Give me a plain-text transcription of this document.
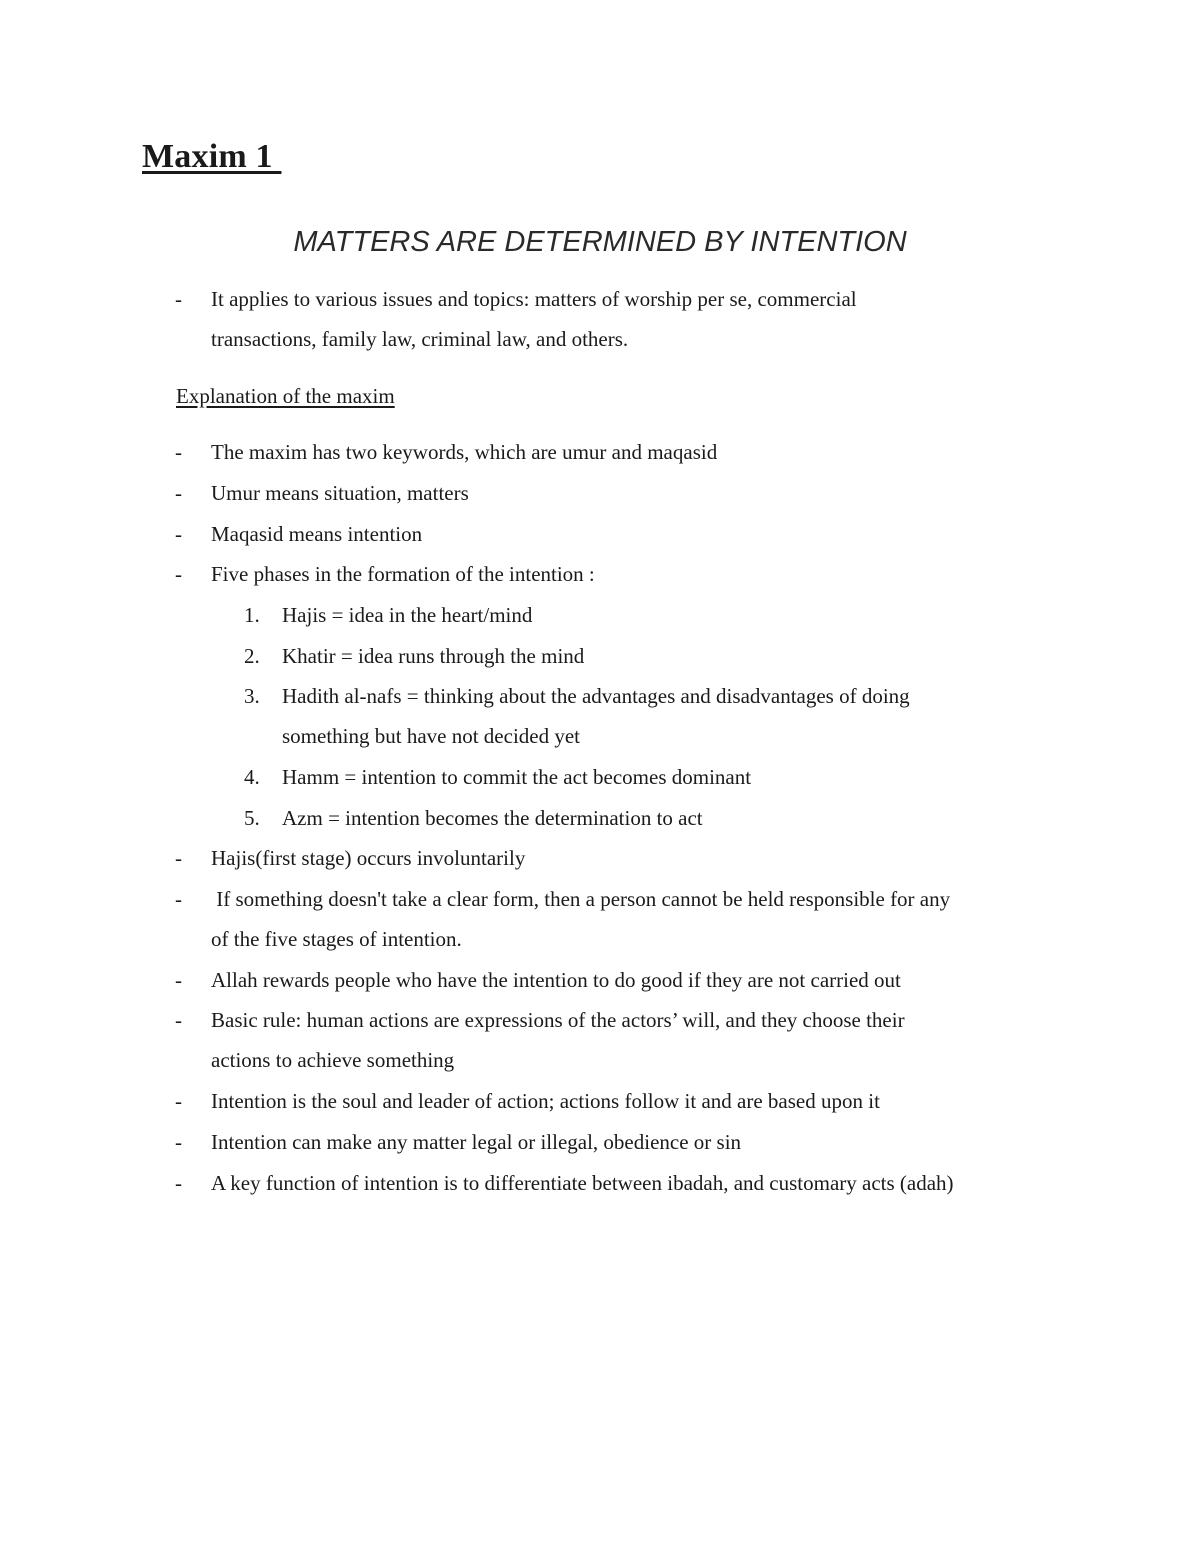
Maxim 1

MATTERS ARE DETERMINED BY INTENTION

-	It applies to various issues and topics: matters of worship per se, commercial

transactions, family law, criminal law, and others.

Explanation of the maxim

-	The maxim has two keywords, which are umur and maqasid

-	Umur means situation, matters

-	Maqasid means intention

-	Five phases in the formation of the intention :

1.	Hajis = idea in the heart/mind

2.	Khatir = idea runs through the mind

3.	Hadith al-nafs = thinking about the advantages and disadvantages of doing

something but have not decided yet

4.	Hamm = intention to commit the act becomes dominant

5.	Azm = intention becomes the determination to act

-	Hajis(first stage) occurs involuntarily

-	If something doesn't take a clear form, then a person cannot be held responsible for any

of the five stages of intention.

-	Allah rewards people who have the intention to do good if they are not carried out

-	Basic rule: human actions are expressions of the actors’ will, and they choose their

actions to achieve something

-	Intention is the soul and leader of action; actions follow it and are based upon it

-	Intention can make any matter legal or illegal, obedience or sin

-	A key function of intention is to differentiate between ibadah, and customary acts (adah)
